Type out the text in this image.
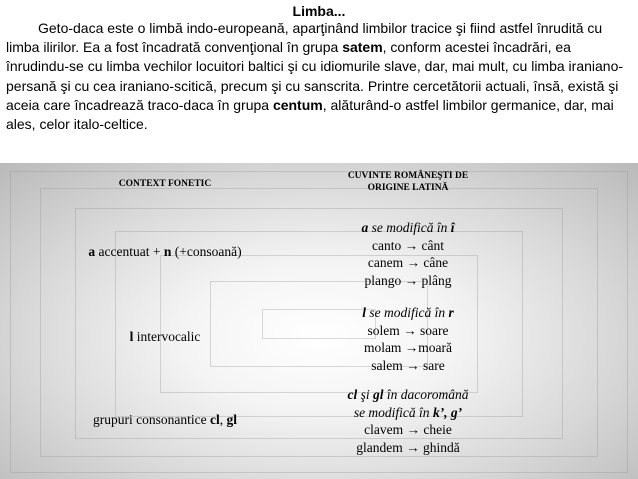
Limba...

Geto-daca este o limbă indo-europeană, aparţinând limbilor tracice şi fiind astfel înrudită cu limba ilirilor. Ea a fost încadrată convenţional în grupa satem, conform acestei încadrări, ea înrudindu-se cu limba vechilor locuitori baltici şi cu idiomurile slave, dar, mai mult, cu limba iraniano-persană şi cu cea iraniano-scitică, precum şi cu sanscrita. Printre cercetătorii actuali, însă, există şi aceia care încadrează traco-daca în grupa centum, alăturând-o astfel limbilor germanice, dar, mai ales, celor italo-celtice.

CONTEXT FONETIC
CUVINTE ROMÂNEŞTI DE ORIGINE LATINĂ
a accentuat + n (+consoană)
a se modifică în î
canto → cânt
canem → câne
plango → plâng
l intervocalic
l se modifică în r
solem → soare
molam →moară
salem → sare
grupuri consonantice cl, gl
cl şi gl în dacoromână
se modifică în k’, g’
clavem → cheie
glandem → ghindă
